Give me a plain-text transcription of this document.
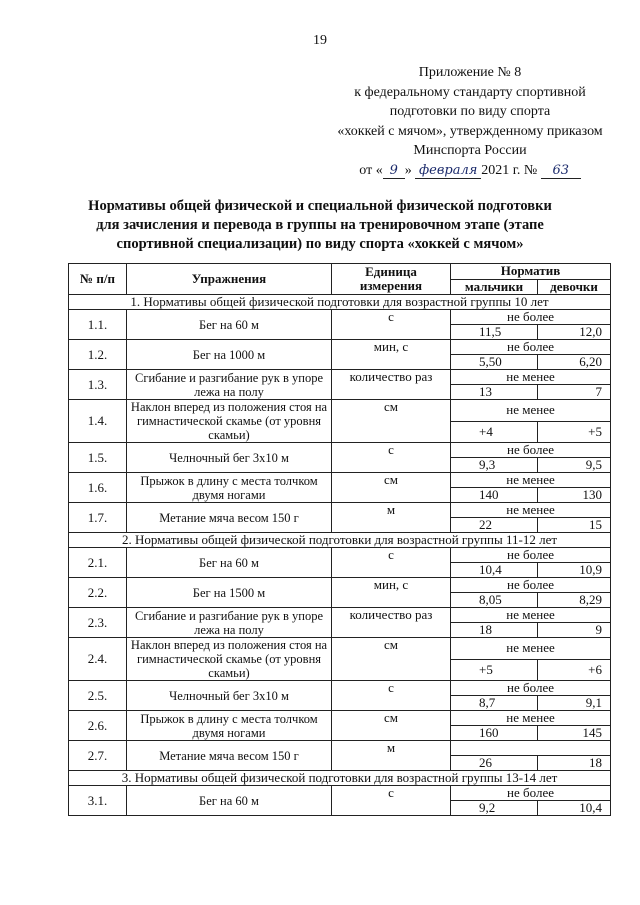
19
Приложение № 8
к федеральному стандарту спортивной
подготовки по виду спорта
«хоккей с мячом», утвержденному приказом
Минспорта России
от « 9 » февраля 2021 г. № 63
Нормативы общей физической и специальной физической подготовки
для зачисления и перевода в группы на тренировочном этапе (этапе
спортивной специализации) по виду спорта «хоккей с мячом»
№ п/п	Упражнения	Единица измерения	Норматив	
			мальчики	девочки
1. Нормативы общей физической подготовки для возрастной группы 10 лет				
1.1.	Бег на 60 м	с	не более	
			11,5	12,0
1.2.	Бег на 1000 м	мин, с	не более	
			5,50	6,20
1.3.	Сгибание и разгибание рук в упоре лежа на полу	количество раз	не менее	
			13	7
1.4.	Наклон вперед из положения стоя на гимнастической скамье (от уровня скамьи)	см	не менее	
			+4	+5
1.5.	Челночный бег 3х10 м	с	не более	
			9,3	9,5
1.6.	Прыжок в длину с места толчком двумя ногами	см	не менее	
			140	130
1.7.	Метание мяча весом 150 г	м	не менее	
			22	15
2. Нормативы общей физической подготовки для возрастной группы 11-12 лет				
2.1.	Бег на 60 м	с	не более	
			10,4	10,9
2.2.	Бег на 1500 м	мин, с	не более	
			8,05	8,29
2.3.	Сгибание и разгибание рук в упоре лежа на полу	количество раз	не менее	
			18	9
2.4.	Наклон вперед из положения стоя на гимнастической скамье (от уровня скамьи)	см	не менее	
			+5	+6
2.5.	Челночный бег 3х10 м	с	не более	
			8,7	9,1
2.6.	Прыжок в длину с места толчком двумя ногами	см	не менее	
			160	145
2.7.	Метание мяча весом 150 г	м		
			26	18
3. Нормативы общей физической подготовки для возрастной группы 13-14 лет				
3.1.	Бег на 60 м	с	не более	
			9,2	10,4
